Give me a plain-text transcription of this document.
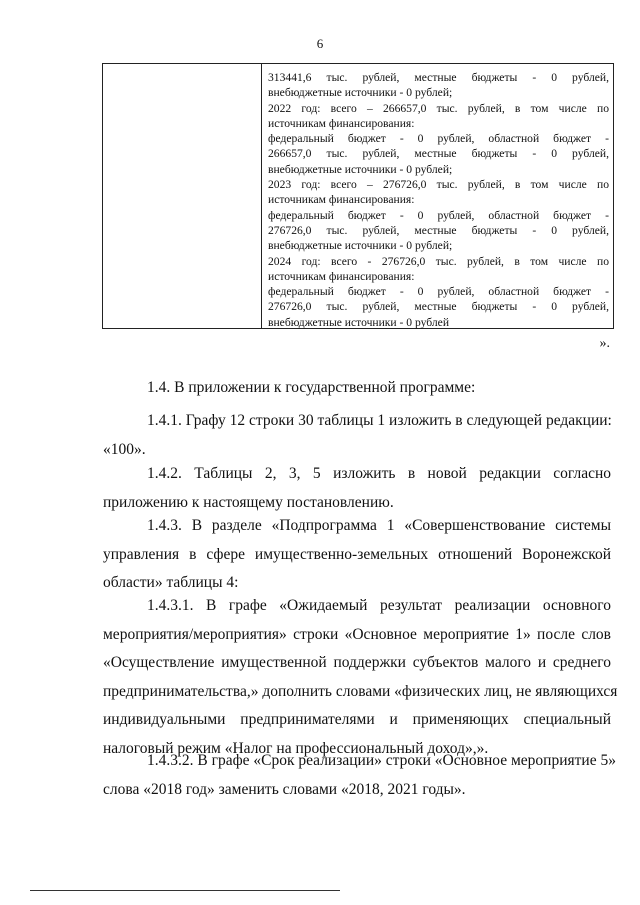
6
313441,6 тыс. рублей, местные бюджеты - 0 рублей,
внебюджетные источники - 0 рублей;
2022 год: всего – 266657,0 тыс. рублей, в том числе по
источникам финансирования:
федеральный бюджет - 0 рублей, областной бюджет -
266657,0 тыс. рублей, местные бюджеты - 0 рублей,
внебюджетные источники - 0 рублей;
2023 год: всего – 276726,0 тыс. рублей, в том числе по
источникам финансирования:
федеральный бюджет - 0 рублей, областной бюджет -
276726,0 тыс. рублей, местные бюджеты - 0 рублей,
внебюджетные источники - 0 рублей;
2024 год: всего - 276726,0 тыс. рублей, в том числе по
источникам финансирования:
федеральный бюджет - 0 рублей, областной бюджет -
276726,0 тыс. рублей, местные бюджеты - 0 рублей,
внебюджетные источники - 0 рублей
».
1.4. В приложении к государственной программе:
1.4.1. Графу 12 строки 30 таблицы 1 изложить в следующей редакции:
«100».
1.4.2. Таблицы 2, 3, 5 изложить в новой редакции согласно
приложению к настоящему постановлению.
1.4.3. В разделе «Подпрограмма 1 «Совершенствование системы
управления в сфере имущественно-земельных отношений Воронежской
области» таблицы 4:
1.4.3.1. В графе «Ожидаемый результат реализации основного
мероприятия/мероприятия» строки «Основное мероприятие 1» после слов
«Осуществление имущественной поддержки субъектов малого и среднего
предпринимательства,» дополнить словами «физических лиц, не являющихся
индивидуальными предпринимателями и применяющих специальный
налоговый режим «Налог на профессиональный доход»,».
1.4.3.2. В графе «Срок реализации» строки «Основное мероприятие 5»
слова «2018 год» заменить словами «2018, 2021 годы».
